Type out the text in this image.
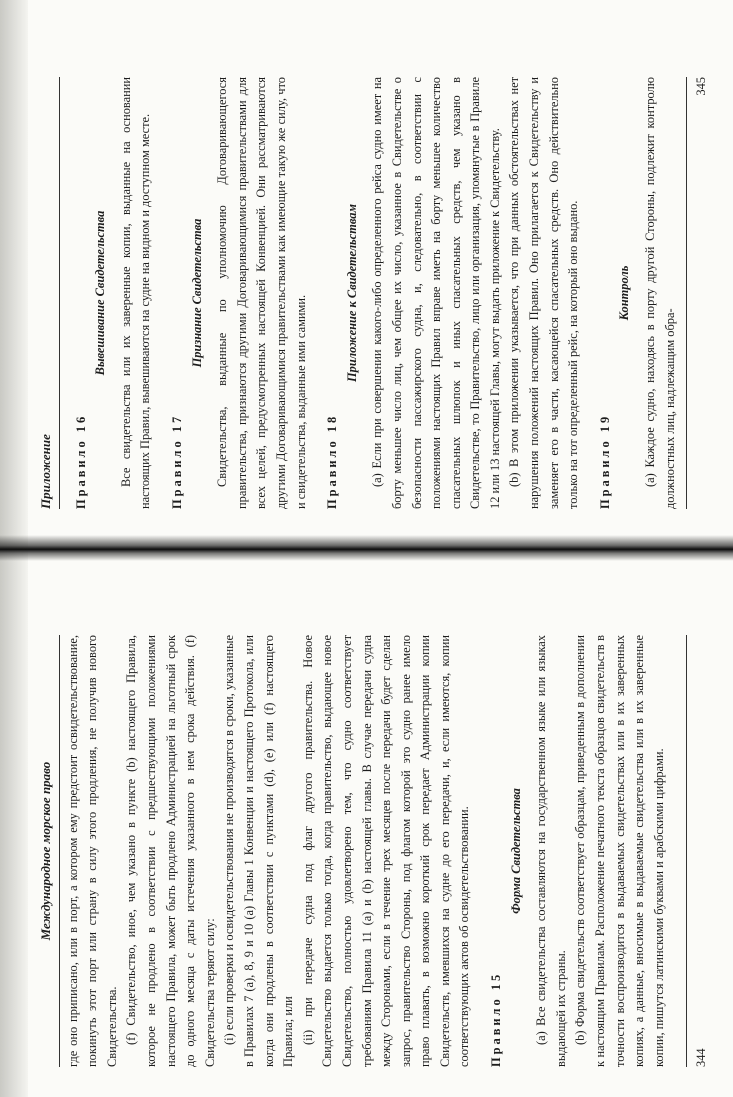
Международное морское право	где оно приписано, или в порт, а котором ему предстоит освидетельствование, покинуть этот порт или страну в силу этого продления, не получив нового Свидетельства. (f) Свидетельство, иное, чем указано в пункте (b) настоящего Правила, которое не продлено в соответствии с предшествующими положениями настоящего Правила, может быть продлено Администрацией на льготный срок до одного месяца с даты истечения указанного в нем срока действия. (f) Свидетельства теряют силу: (i) если проверки и освидетельствования не производятся в сроки, указанные в Правилах 7 (a), 8, 9 и 10 (a) Главы 1 Конвенции и настоящего Протокола, или когда они продлены в соответствии с пунктами (d), (e) или (f) настоящего Правила; или (ii) при передаче судна под флаг другого правительства. Новое Свидетельство выдается только тогда, когда правительство, выдающее новое Свидетельство, полностью удовлетворено тем, что судно соответствует требованиям Правила 11 (a) и (b) настоящей главы. В случае передачи судна между Сторонами, если в течение трех месяцев после передачи будет сделан запрос, правительство Стороны, под флагом которой это судно ранее имело право плавать, в возможно короткий срок передает Администрации копии Свидетельств, имевшихся на судне до его передачи, и, если имеются, копии соответствующих актов об освидетельствовании. Правило 15
Форма Свидетельства (a) Все свидетельства составляются на государственном языке или языках выдающей их страны. (b) Форма свидетельств соответствует образцам, приведенным в дополнении к настоящим Правилам. Расположение печатного текста образцов свидетельств в точности воспроизводится в выдаваемых свидетельствах или в их заверенных копиях, а данные, вносимые в выдаваемые свидетельства или в их заверенные копии, пишутся латинскими буквами и арабскими цифрами. 344
Приложение	Правило 16
Вывешивание Свидетельства Все свидетельства или их заверенные копии, выданные на основании настоящих Правил, вывешиваются на судне на видном и доступном месте. Правило 17
Признание Свидетельства Свидетельства, выданные по уполномочию Договаривающегося правительства, признаются другими Договаривающимися правительствами для всех целей, предусмотренных настоящей Конвенцией. Они рассматриваются другими Договаривающимися правительствами как имеющие такую же силу, что и свидетельства, выданные ими самими. Правило 18
Приложение к Свидетельствам (a) Если при совершении какого-либо определенного рейса судно имеет на борту меньшее число лиц, чем общее их число, указанное в Свидетельстве о безопасности пассажирского судна, и, следовательно, в соответствии с положениями настоящих Правил вправе иметь на борту меньшее количество спасательных шлюпок и иных спасательных средств, чем указано в Свидетельстве, то Правительство, лицо или организация, упомянутые в Правиле 12 или 13 настоящей Главы, могут выдать приложение к Свидетельству. (b) В этом приложении указывается, что при данных обстоятельствах нет нарушения положений настоящих Правил. Оно прилагается к Свидетельству и заменяет его в части, касающейся спасательных средств. Оно действительно только на тот определенный рейс, на который оно выдано. Правило 19
Контроль (a) Каждое судно, находясь в порту другой Стороны, подлежит контролю должностных лиц, надлежащим обра-

345
